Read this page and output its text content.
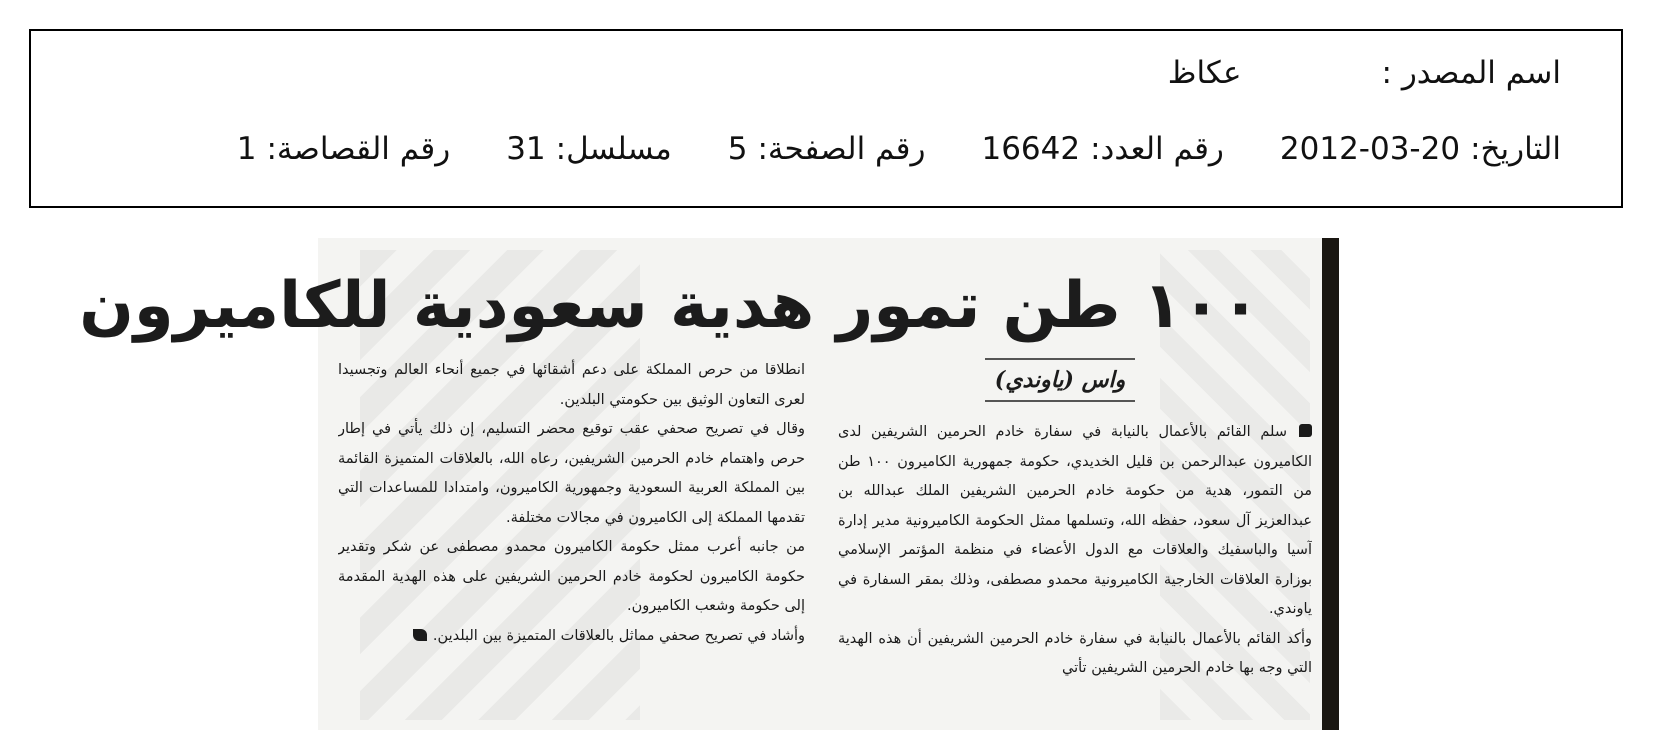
اسم المصدر :
عكاظ
التاريخ:
2012-03-20
رقم العدد:
16642
رقم الصفحة:
5
مسلسل:
31
رقم القصاصة:
1
١٠٠ طن تمور هدية سعودية للكاميرون
واس (ياوندي)

سلم القائم بالأعمال بالنيابة في سفارة خادم الحرمين الشريفين لدى الكاميرون عبدالرحمن بن قليل الخديدي، حكومة جمهورية الكاميرون ١٠٠ طن من التمور، هدية من حكومة خادم الحرمين الشريفين الملك عبدالله بن عبدالعزيز آل سعود، حفظه الله، وتسلمها ممثل الحكومة الكاميرونية مدير إدارة آسيا والباسفيك والعلاقات مع الدول الأعضاء في منظمة المؤتمر الإسلامي بوزارة العلاقات الخارجية الكاميرونية محمدو مصطفى، وذلك بمقر السفارة في ياوندي.

وأكد القائم بالأعمال بالنيابة في سفارة خادم الحرمين الشريفين أن هذه الهدية التي وجه بها خادم الحرمين الشريفين تأتي

انطلاقا من حرص المملكة على دعم أشقائها في جميع أنحاء العالم وتجسيدا لعرى التعاون الوثيق بين حكومتي البلدين.

وقال في تصريح صحفي عقب توقيع محضر التسليم، إن ذلك يأتي في إطار حرص واهتمام خادم الحرمين الشريفين، رعاه الله، بالعلاقات المتميزة القائمة بين المملكة العربية السعودية وجمهورية الكاميرون، وامتدادا للمساعدات التي تقدمها المملكة إلى الكاميرون في مجالات مختلفة.

من جانبه أعرب ممثل حكومة الكاميرون محمدو مصطفى عن شكر وتقدير حكومة الكاميرون لحكومة خادم الحرمين الشريفين على هذه الهدية المقدمة إلى حكومة وشعب الكاميرون.

وأشاد في تصريح صحفي مماثل بالعلاقات المتميزة بين البلدين.
